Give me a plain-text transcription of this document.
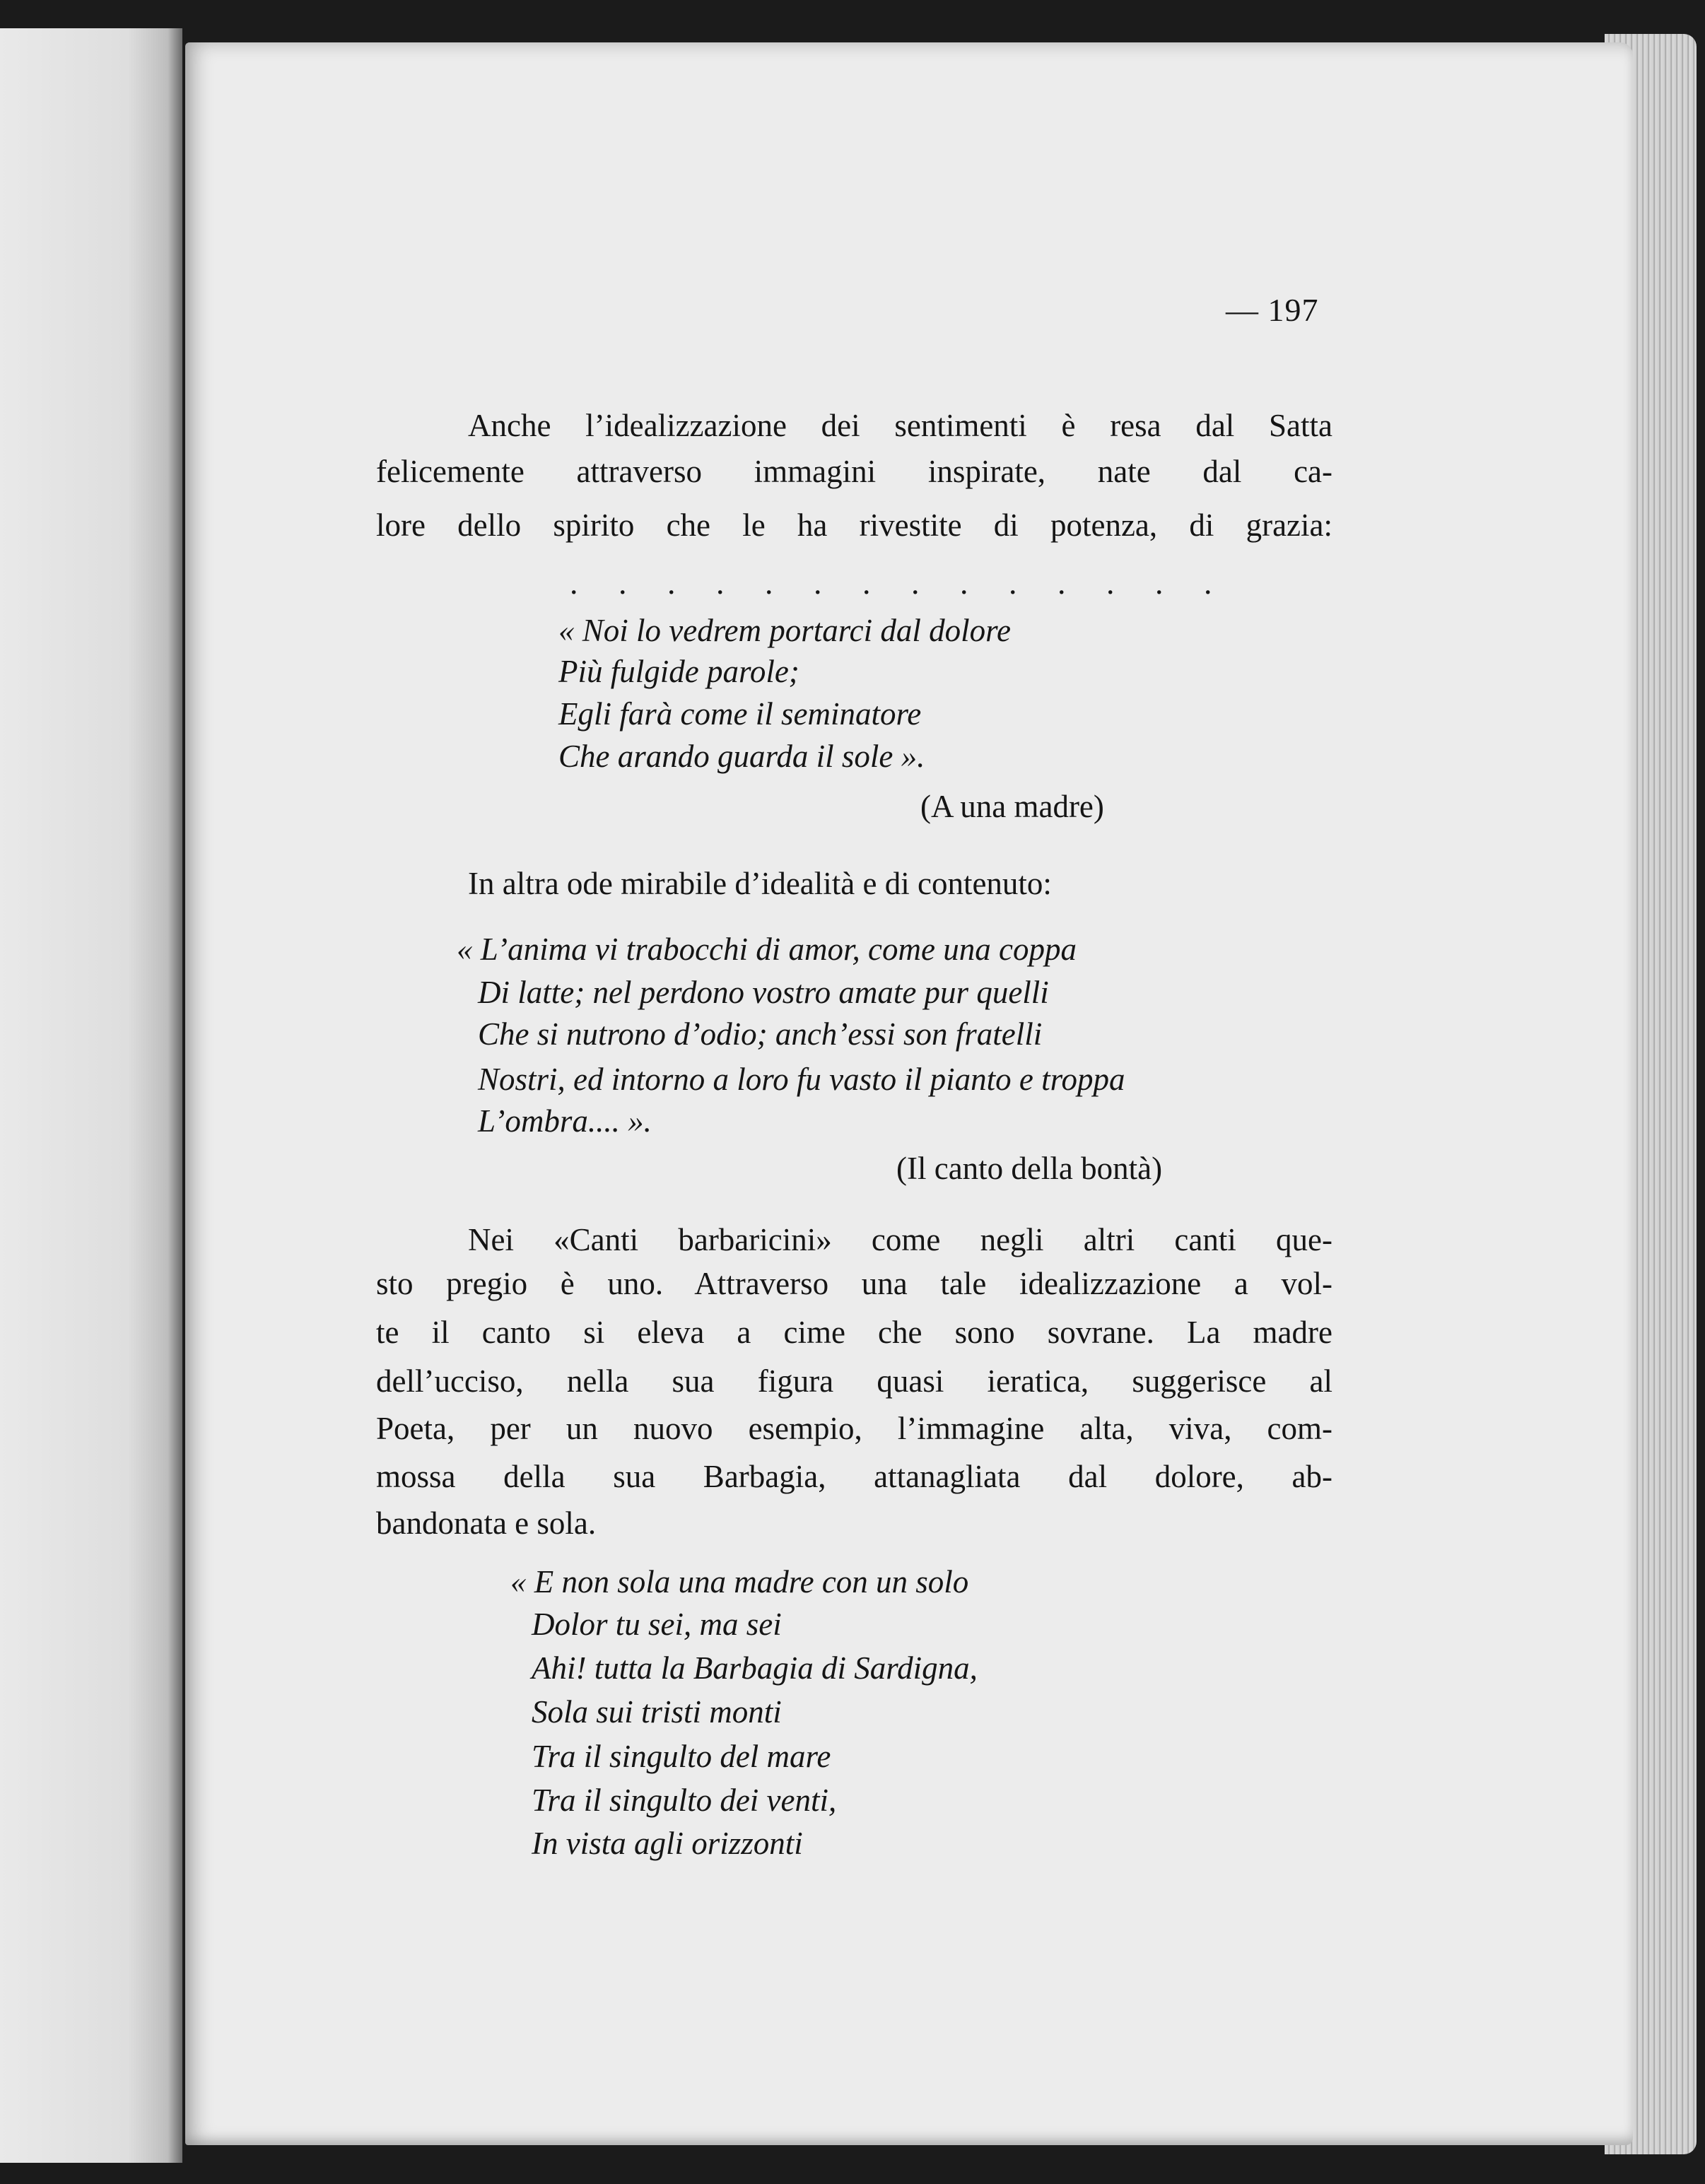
— 197
Anche l’idealizzazione dei sentimenti è resa dal Satta
felicemente attraverso immagini inspirate, nate dal ca-
lore dello spirito che le ha rivestite di potenza, di grazia:
. . . . . . . . . . . . . .
« Noi lo vedrem portarci dal dolore
Più fulgide parole;
Egli farà come il seminatore
Che arando guarda il sole ».
(A una madre)
In altra ode mirabile d’idealità e di contenuto:
« L’anima vi trabocchi di amor, come una coppa
Di latte; nel perdono vostro amate pur quelli
Che si nutrono d’odio; anch’essi son fratelli
Nostri, ed intorno a loro fu vasto il pianto e troppa
L’ombra.... ».
(Il canto della bontà)
Nei «Canti barbaricini» come negli altri canti que-
sto pregio è uno. Attraverso una tale idealizzazione a vol-
te il canto si eleva a cime che sono sovrane. La madre
dell’ucciso, nella sua figura quasi ieratica, suggerisce al
Poeta, per un nuovo esempio, l’immagine alta, viva, com-
mossa della sua Barbagia, attanagliata dal dolore, ab-
bandonata e sola.
« E non sola una madre con un solo
Dolor tu sei, ma sei
Ahi! tutta la Barbagia di Sardigna,
Sola sui tristi monti
Tra il singulto del mare
Tra il singulto dei venti,
In vista agli orizzonti
